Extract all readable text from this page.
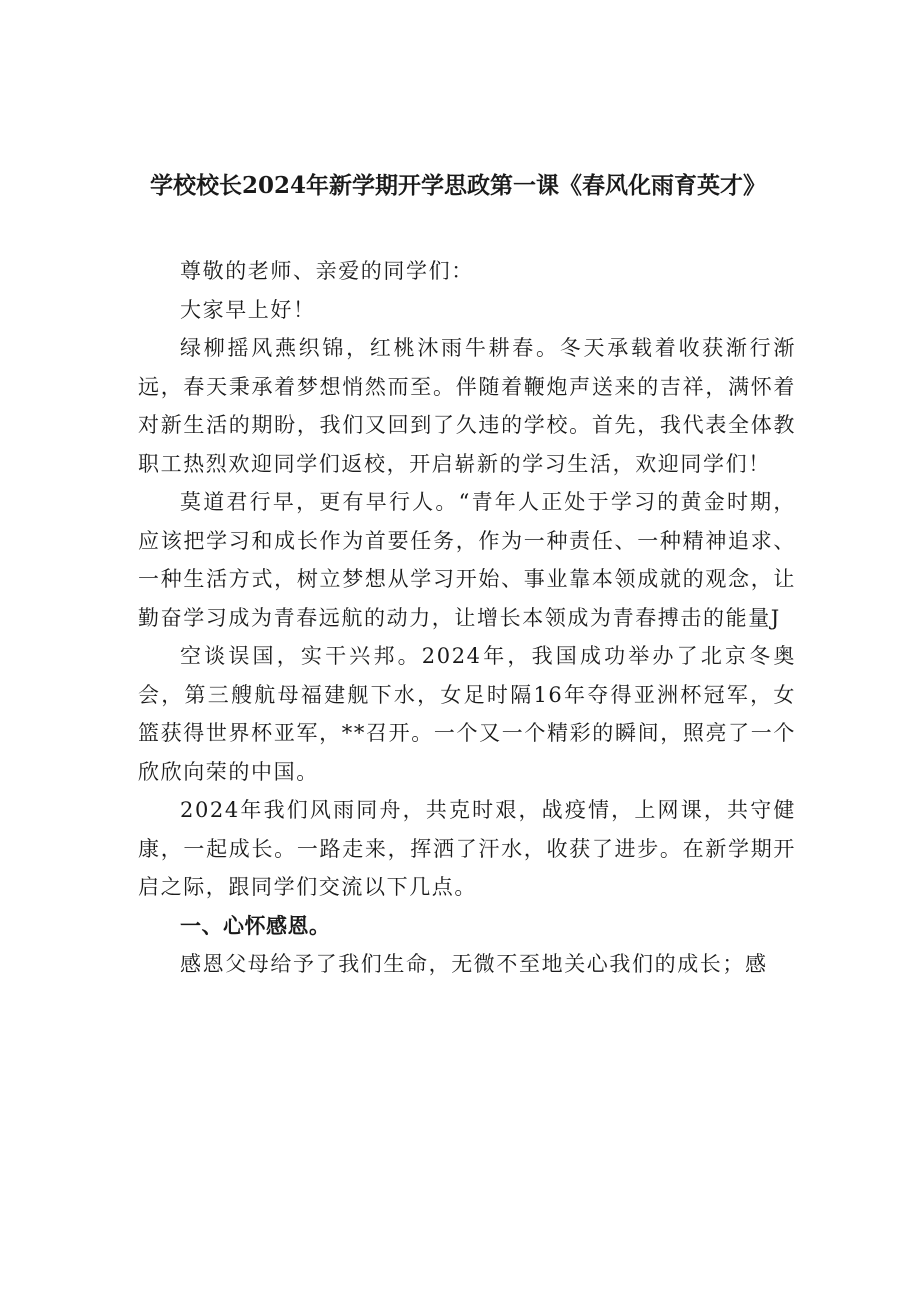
学校校长2024年新学期开学思政第一课《春风化雨育英才》

尊敬的老师、亲爱的同学们：

大家早上好！

绿柳摇风燕织锦，红桃沐雨牛耕春。冬天承载着收获渐行渐远，春天秉承着梦想悄然而至。伴随着鞭炮声送来的吉祥，满怀着对新生活的期盼，我们又回到了久违的学校。首先，我代表全体教职工热烈欢迎同学们返校，开启崭新的学习生活，欢迎同学们！

莫道君行早，更有早行人。“青年人正处于学习的黄金时期，应该把学习和成长作为首要任务，作为一种责任、一种精神追求、一种生活方式，树立梦想从学习开始、事业靠本领成就的观念，让勤奋学习成为青春远航的动力，让增长本领成为青春搏击的能量J

空谈误国，实干兴邦。2024年，我国成功举办了北京冬奥会，第三艘航母福建舰下水，女足时隔16年夺得亚洲杯冠军，女篮获得世界杯亚军，**召开。一个又一个精彩的瞬间，照亮了一个欣欣向荣的中国。

2024年我们风雨同舟，共克时艰，战疫情，上网课，共守健康，一起成长。一路走来，挥洒了汗水，收获了进步。在新学期开启之际，跟同学们交流以下几点。

一、心怀感恩。

感恩父母给予了我们生命，无微不至地关心我们的成长；感
